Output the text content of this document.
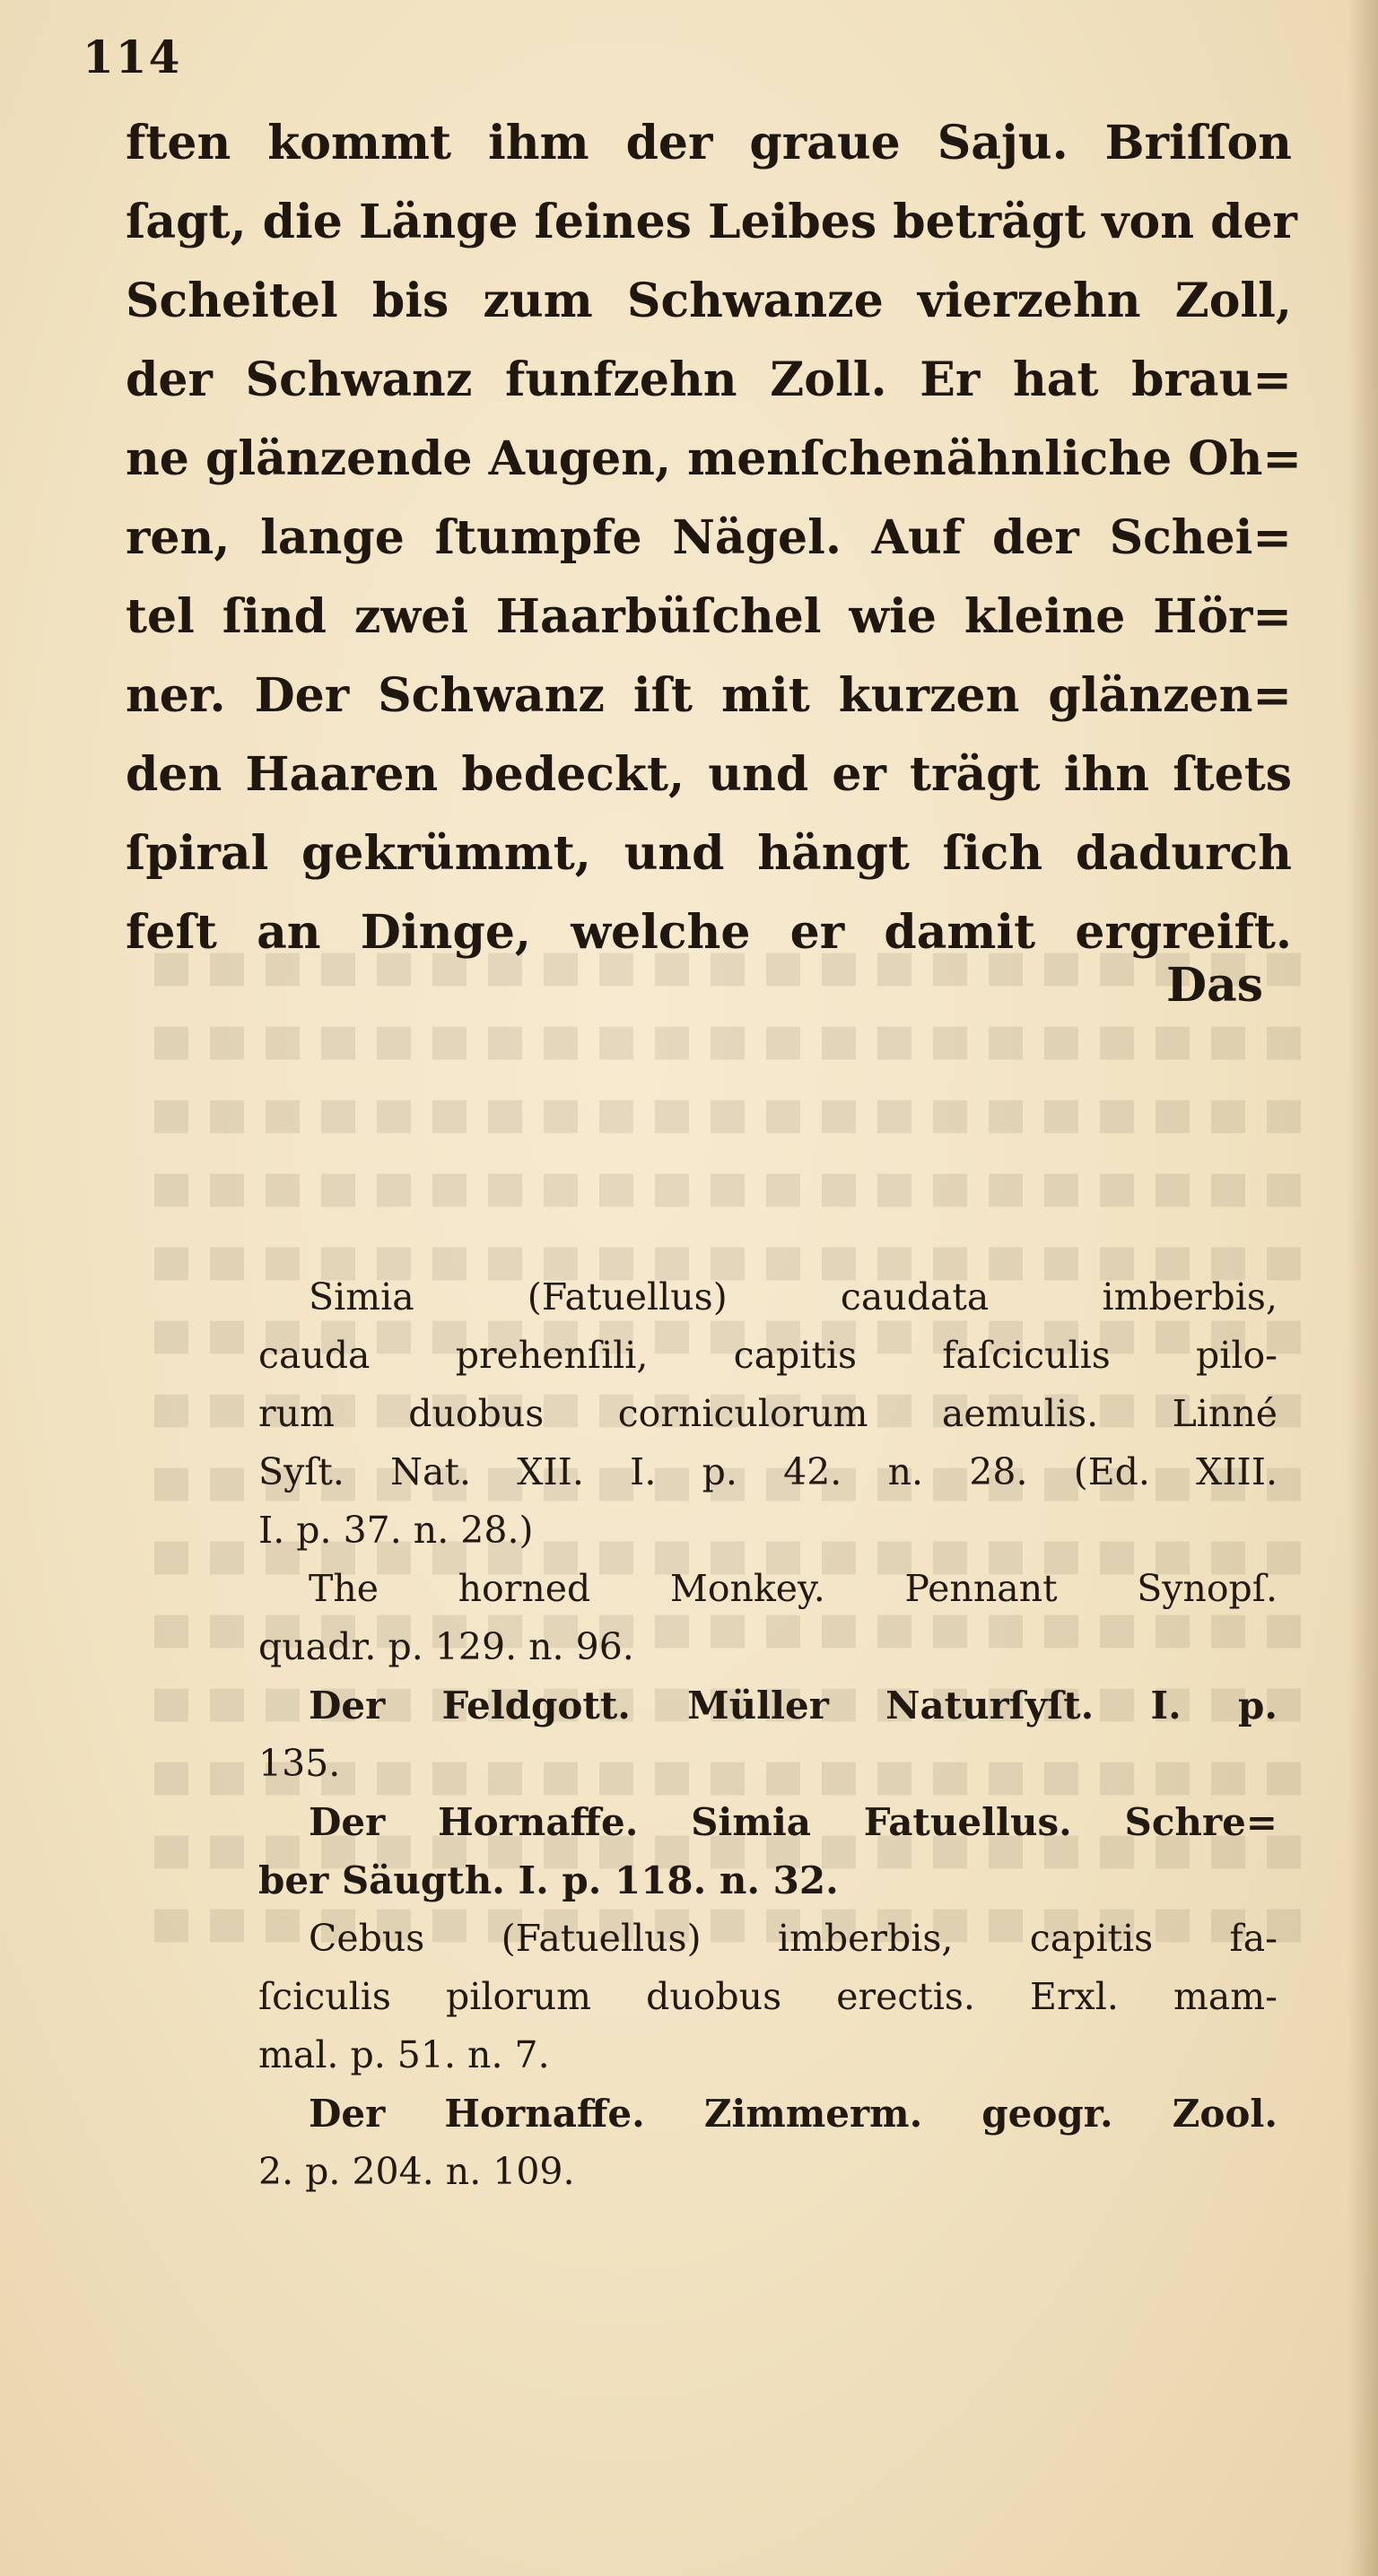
114

ften kommt ihm der graue Saju. Briſſon

ſagt, die Länge ſeines Leibes beträgt von der

Scheitel bis zum Schwanze vierzehn Zoll,

der Schwanz funfzehn Zoll. Er hat brau=

ne glänzende Augen, menſchenähnliche Oh=

ren, lange ſtumpfe Nägel. Auf der Schei=

tel ſind zwei Haarbüſchel wie kleine Hör=

ner. Der Schwanz iſt mit kurzen glänzen=

den Haaren bedeckt, und er trägt ihn ſtets

ſpiral gekrümmt, und hängt ſich dadurch

feſt an Dinge, welche er damit ergreift.

Das

Simia (Fatuellus) caudata imberbis,

cauda prehenſili, capitis faſciculis pilo-

rum duobus corniculorum aemulis. Linné

Syſt. Nat. XII. I. p. 42. n. 28. (Ed. XIII.

I. p. 37. n. 28.)

The horned Monkey. Pennant Synopſ.

quadr. p. 129. n. 96.

Der Feldgott. Müller Naturſyſt. I. p.

135.

Der Hornaffe. Simia Fatuellus. Schre=

ber Säugth. I. p. 118. n. 32.

Cebus (Fatuellus) imberbis, capitis fa-

ſciculis pilorum duobus erectis. Erxl. mam-

mal. p. 51. n. 7.

Der Hornaffe. Zimmerm. geogr. Zool.

2. p. 204. n. 109.
